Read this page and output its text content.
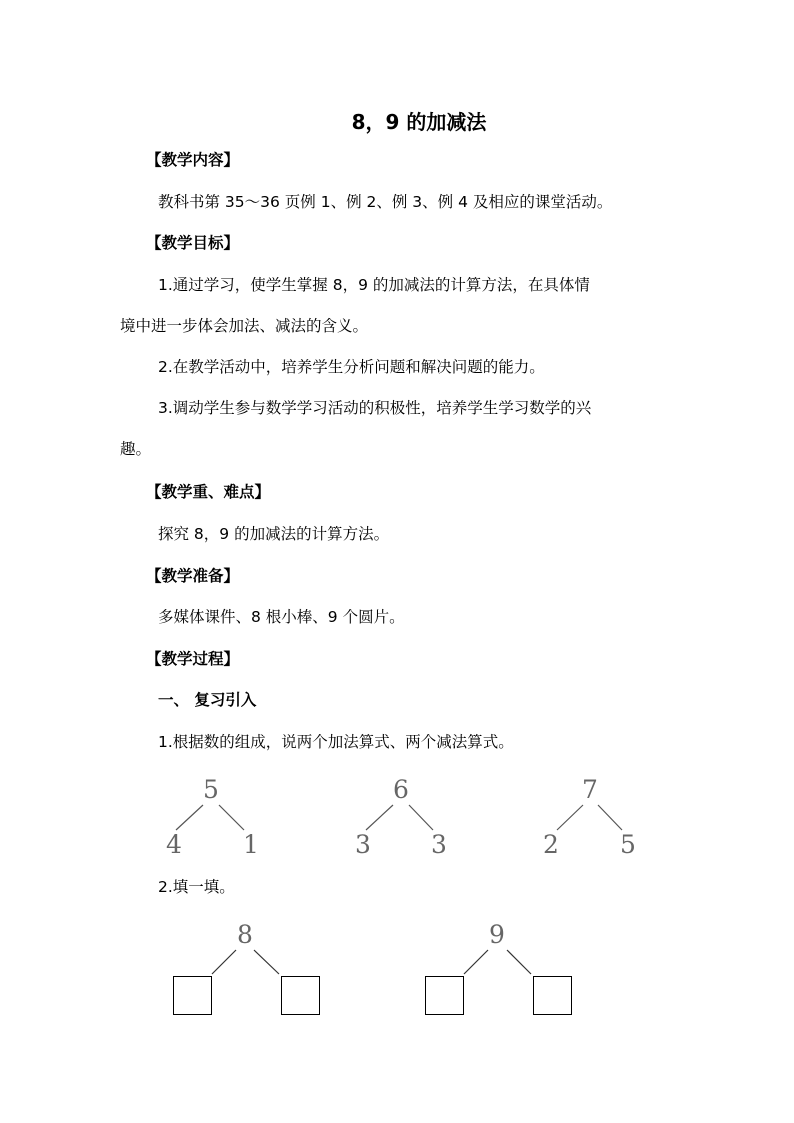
8，9 的加减法
【教学内容】
教科书第 35～36 页例 1、例 2、例 3、例 4 及相应的课堂活动。
【教学目标】
1.通过学习，使学生掌握 8，9 的加减法的计算方法，在具体情
境中进一步体会加法、减法的含义。
2.在教学活动中，培养学生分析问题和解决问题的能力。
3.调动学生参与数学学习活动的积极性，培养学生学习数学的兴
趣。
【教学重、难点】
探究 8，9 的加减法的计算方法。
【教学准备】
多媒体课件、8 根小棒、9 个圆片。
【教学过程】
一、 复习引入
1.根据数的组成，说两个加法算式、两个减法算式。
5
4 1
6
3 3
7
2 5
2.填一填。
8	9
